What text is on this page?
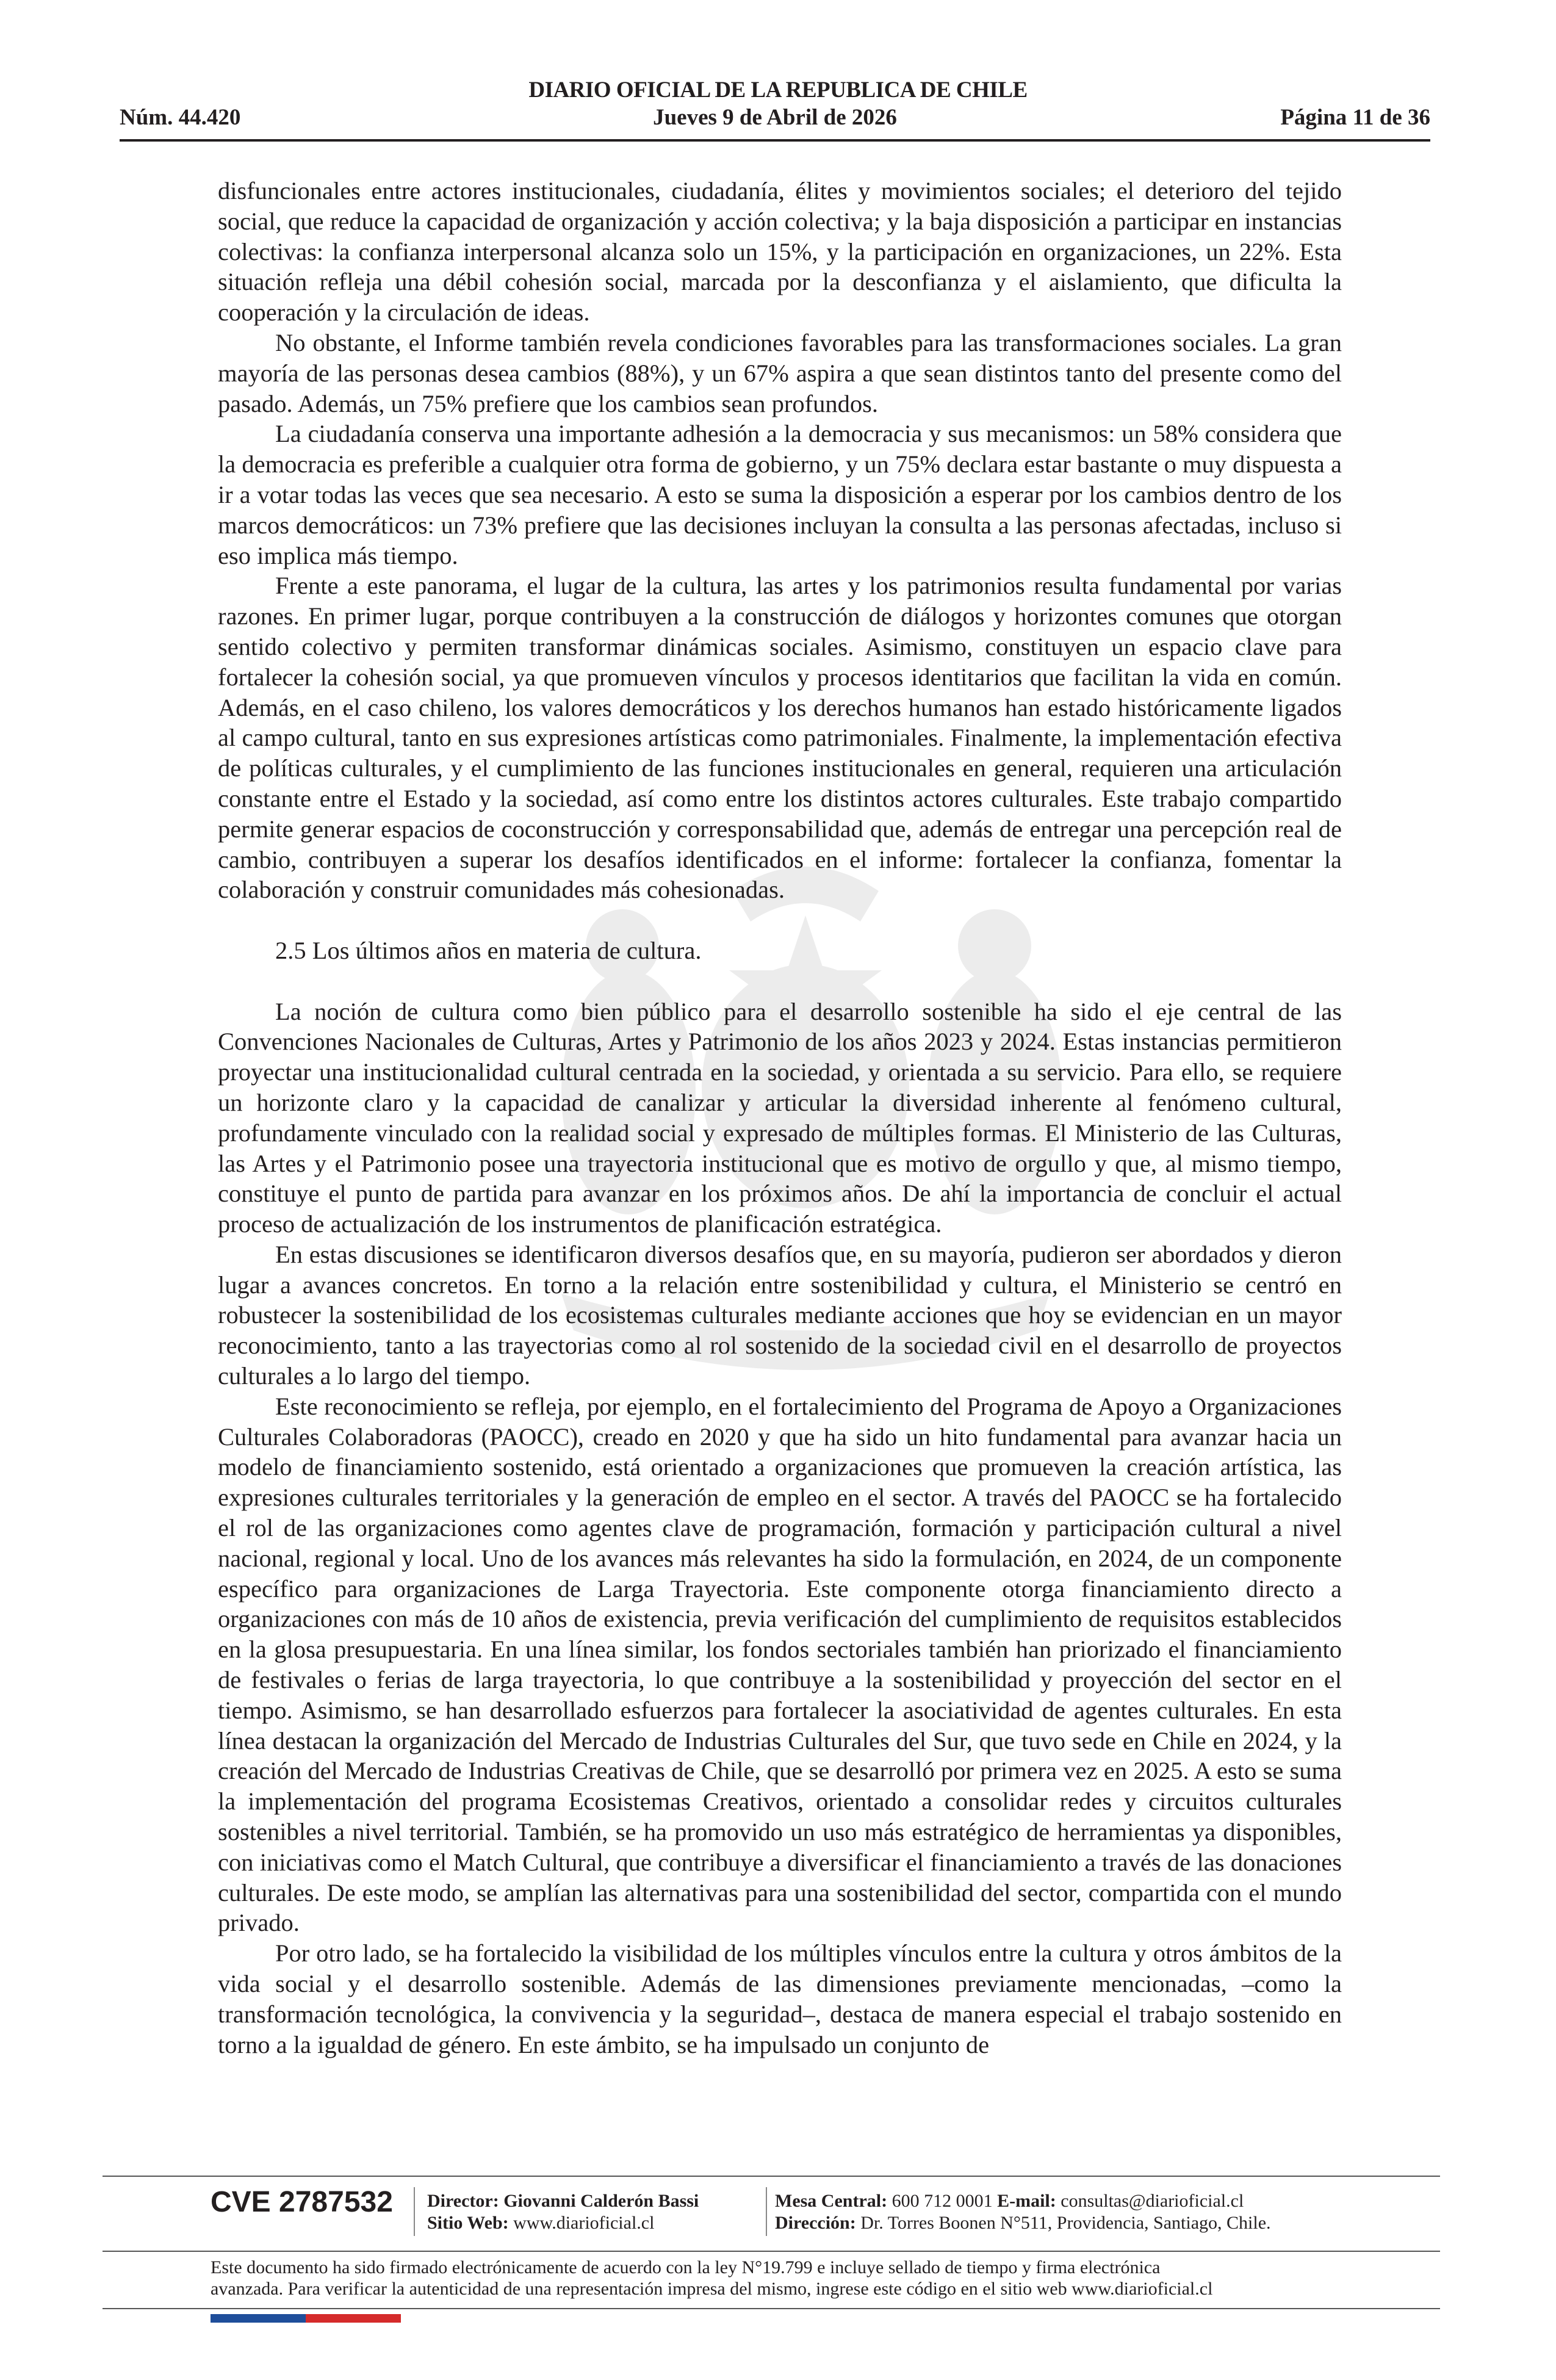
DIARIO OFICIAL DE LA REPUBLICA DE CHILE
Núm. 44.420	Jueves 9 de Abril de 2026	Página 11 de 36

disfuncionales entre actores institucionales, ciudadanía, élites y movimientos sociales; el deterioro del tejido social, que reduce la capacidad de organización y acción colectiva; y la baja disposición a participar en instancias colectivas: la confianza interpersonal alcanza solo un 15%, y la participación en organizaciones, un 22%. Esta situación refleja una débil cohesión social, marcada por la desconfianza y el aislamiento, que dificulta la cooperación y la circulación de ideas.

No obstante, el Informe también revela condiciones favorables para las transformaciones sociales. La gran mayoría de las personas desea cambios (88%), y un 67% aspira a que sean distintos tanto del presente como del pasado. Además, un 75% prefiere que los cambios sean profundos.

La ciudadanía conserva una importante adhesión a la democracia y sus mecanismos: un 58% considera que la democracia es preferible a cualquier otra forma de gobierno, y un 75% declara estar bastante o muy dispuesta a ir a votar todas las veces que sea necesario. A esto se suma la disposición a esperar por los cambios dentro de los marcos democráticos: un 73% prefiere que las decisiones incluyan la consulta a las personas afectadas, incluso si eso implica más tiempo.

Frente a este panorama, el lugar de la cultura, las artes y los patrimonios resulta fundamental por varias razones. En primer lugar, porque contribuyen a la construcción de diálogos y horizontes comunes que otorgan sentido colectivo y permiten transformar dinámicas sociales. Asimismo, constituyen un espacio clave para fortalecer la cohesión social, ya que promueven vínculos y procesos identitarios que facilitan la vida en común. Además, en el caso chileno, los valores democráticos y los derechos humanos han estado históricamente ligados al campo cultural, tanto en sus expresiones artísticas como patrimoniales. Finalmente, la implementación efectiva de políticas culturales, y el cumplimiento de las funciones institucionales en general, requieren una articulación constante entre el Estado y la sociedad, así como entre los distintos actores culturales. Este trabajo compartido permite generar espacios de coconstrucción y corresponsabilidad que, además de entregar una percepción real de cambio, contribuyen a superar los desafíos identificados en el informe: fortalecer la confianza, fomentar la colaboración y construir comunidades más cohesionadas.

2.5 Los últimos años en materia de cultura.

La noción de cultura como bien público para el desarrollo sostenible ha sido el eje central de las Convenciones Nacionales de Culturas, Artes y Patrimonio de los años 2023 y 2024. Estas instancias permitieron proyectar una institucionalidad cultural centrada en la sociedad, y orientada a su servicio. Para ello, se requiere un horizonte claro y la capacidad de canalizar y articular la diversidad inherente al fenómeno cultural, profundamente vinculado con la realidad social y expresado de múltiples formas. El Ministerio de las Culturas, las Artes y el Patrimonio posee una trayectoria institucional que es motivo de orgullo y que, al mismo tiempo, constituye el punto de partida para avanzar en los próximos años. De ahí la importancia de concluir el actual proceso de actualización de los instrumentos de planificación estratégica.

En estas discusiones se identificaron diversos desafíos que, en su mayoría, pudieron ser abordados y dieron lugar a avances concretos. En torno a la relación entre sostenibilidad y cultura, el Ministerio se centró en robustecer la sostenibilidad de los ecosistemas culturales mediante acciones que hoy se evidencian en un mayor reconocimiento, tanto a las trayectorias como al rol sostenido de la sociedad civil en el desarrollo de proyectos culturales a lo largo del tiempo.

Este reconocimiento se refleja, por ejemplo, en el fortalecimiento del Programa de Apoyo a Organizaciones Culturales Colaboradoras (PAOCC), creado en 2020 y que ha sido un hito fundamental para avanzar hacia un modelo de financiamiento sostenido, está orientado a organizaciones que promueven la creación artística, las expresiones culturales territoriales y la generación de empleo en el sector. A través del PAOCC se ha fortalecido el rol de las organizaciones como agentes clave de programación, formación y participación cultural a nivel nacional, regional y local. Uno de los avances más relevantes ha sido la formulación, en 2024, de un componente específico para organizaciones de Larga Trayectoria. Este componente otorga financiamiento directo a organizaciones con más de 10 años de existencia, previa verificación del cumplimiento de requisitos establecidos en la glosa presupuestaria. En una línea similar, los fondos sectoriales también han priorizado el financiamiento de festivales o ferias de larga trayectoria, lo que contribuye a la sostenibilidad y proyección del sector en el tiempo. Asimismo, se han desarrollado esfuerzos para fortalecer la asociatividad de agentes culturales. En esta línea destacan la organización del Mercado de Industrias Culturales del Sur, que tuvo sede en Chile en 2024, y la creación del Mercado de Industrias Creativas de Chile, que se desarrolló por primera vez en 2025. A esto se suma la implementación del programa Ecosistemas Creativos, orientado a consolidar redes y circuitos culturales sostenibles a nivel territorial. También, se ha promovido un uso más estratégico de herramientas ya disponibles, con iniciativas como el Match Cultural, que contribuye a diversificar el financiamiento a través de las donaciones culturales. De este modo, se amplían las alternativas para una sostenibilidad del sector, compartida con el mundo privado.

Por otro lado, se ha fortalecido la visibilidad de los múltiples vínculos entre la cultura y otros ámbitos de la vida social y el desarrollo sostenible. Además de las dimensiones previamente mencionadas, –como la transformación tecnológica, la convivencia y la seguridad–, destaca de manera especial el trabajo sostenido en torno a la igualdad de género. En este ámbito, se ha impulsado un conjunto de

CVE 2787532 Director: Giovanni Calderón Bassi
Sitio Web: www.diarioficial.cl
Mesa Central: 600 712 0001 E-mail: consultas@diarioficial.cl
Dirección: Dr. Torres Boonen N°511, Providencia, Santiago, Chile.
Este documento ha sido firmado electrónicamente de acuerdo con la ley N°19.799 e incluye sellado de tiempo y firma electrónica
avanzada. Para verificar la autenticidad de una representación impresa del mismo, ingrese este código en el sitio web www.diarioficial.cl
